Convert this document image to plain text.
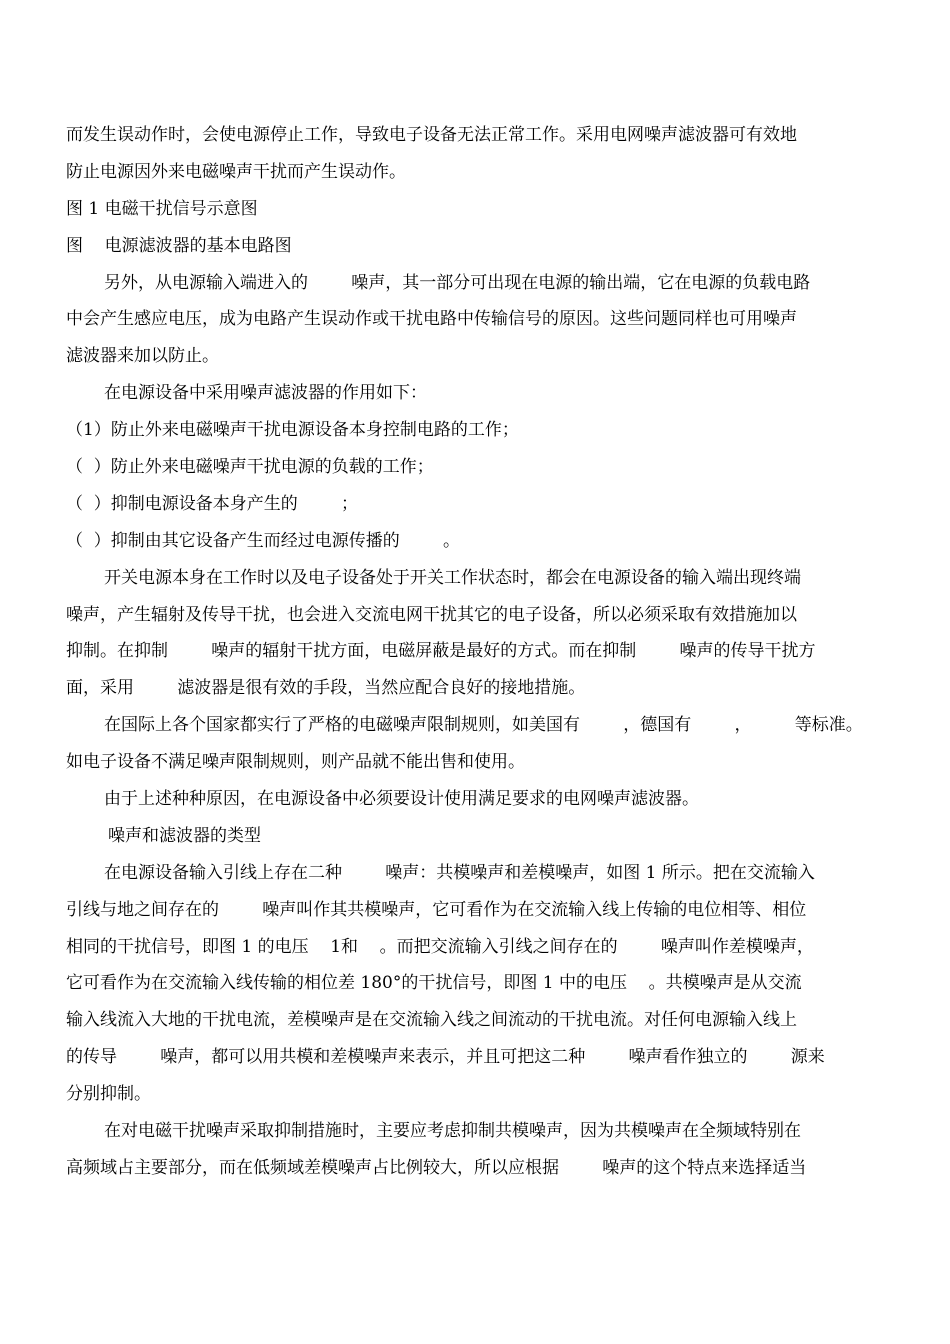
而发生误动作时，会使电源停止工作，导致电子设备无法正常工作。采用电网噪声滤波器可有效地
防止电源因外来电磁噪声干扰而产生误动作。
图 1 电磁干扰信号示意图
图    电源滤波器的基本电路图
另外，从电源输入端进入的        噪声，其一部分可出现在电源的输出端，它在电源的负载电路
中会产生感应电压，成为电路产生误动作或干扰电路中传输信号的原因。这些问题同样也可用噪声
滤波器来加以防止。
在电源设备中采用噪声滤波器的作用如下：
（1）防止外来电磁噪声干扰电源设备本身控制电路的工作；
（  ）防止外来电磁噪声干扰电源的负载的工作；
（  ）抑制电源设备本身产生的        ；
（  ）抑制由其它设备产生而经过电源传播的        。
开关电源本身在工作时以及电子设备处于开关工作状态时，都会在电源设备的输入端出现终端
噪声，产生辐射及传导干扰，也会进入交流电网干扰其它的电子设备，所以必须采取有效措施加以
抑制。在抑制        噪声的辐射干扰方面，电磁屏蔽是最好的方式。而在抑制        噪声的传导干扰方
面，采用        滤波器是很有效的手段，当然应配合良好的接地措施。
在国际上各个国家都实行了严格的电磁噪声限制规则，如美国有        ，德国有        ，        等标准。
如电子设备不满足噪声限制规则，则产品就不能出售和使用。
由于上述种种原因，在电源设备中必须要设计使用满足要求的电网噪声滤波器。
噪声和滤波器的类型
在电源设备输入引线上存在二种        噪声：共模噪声和差模噪声，如图 1 所示。把在交流输入
引线与地之间存在的        噪声叫作其共模噪声，它可看作为在交流输入线上传输的电位相等、相位
相同的干扰信号，即图 1 的电压    1和    。而把交流输入引线之间存在的        噪声叫作差模噪声，
它可看作为在交流输入线传输的相位差 180°的干扰信号，即图 1 中的电压    。共模噪声是从交流
输入线流入大地的干扰电流，差模噪声是在交流输入线之间流动的干扰电流。对任何电源输入线上
的传导        噪声，都可以用共模和差模噪声来表示，并且可把这二种        噪声看作独立的        源来
分别抑制。
在对电磁干扰噪声采取抑制措施时，主要应考虑抑制共模噪声，因为共模噪声在全频域特别在
高频域占主要部分，而在低频域差模噪声占比例较大，所以应根据        噪声的这个特点来选择适当
